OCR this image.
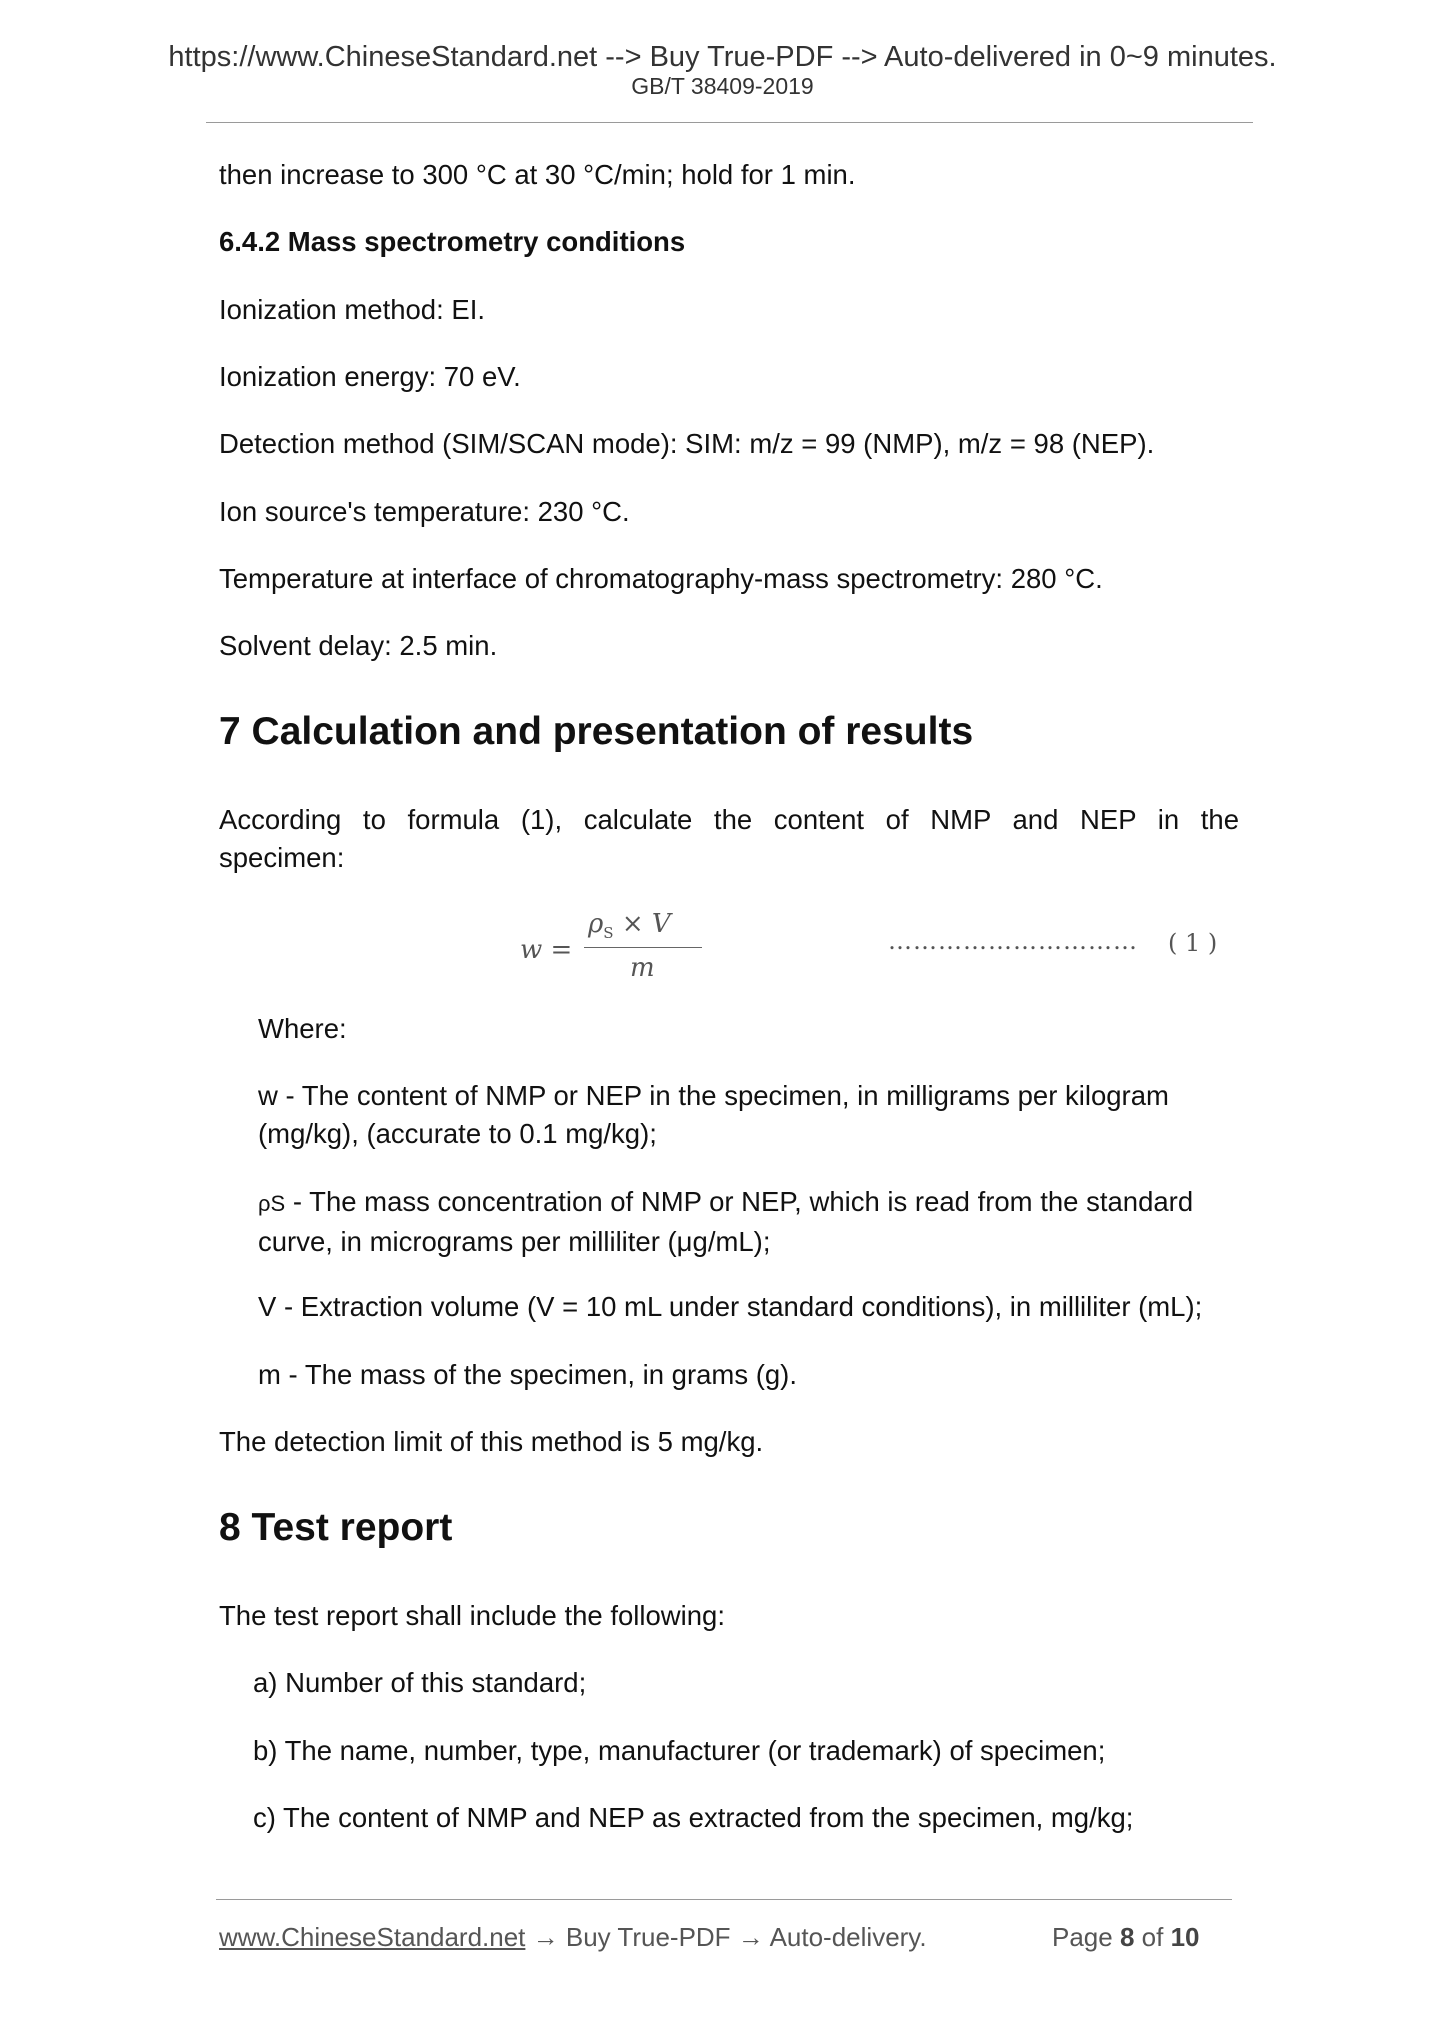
https://www.ChineseStandard.net --> Buy True-PDF --> Auto-delivered in 0~9 minutes.
GB/T 38409-2019
then increase to 300 °C at 30 °C/min; hold for 1 min.
6.4.2 Mass spectrometry conditions
Ionization method: EI.
Ionization energy: 70 eV.
Detection method (SIM/SCAN mode): SIM: m/z = 99 (NMP), m/z = 98 (NEP).
Ion source's temperature: 230 °C.
Temperature at interface of chromatography-mass spectrometry: 280 °C.
Solvent delay: 2.5 min.
7 Calculation and presentation of results
According to formula (1), calculate the content of NMP and NEP in the
specimen:
w =
$\rho_S \times V$
m
………………………… ( 1 )
Where:
w - The content of NMP or NEP in the specimen, in milligrams per kilogram (mg/kg), (accurate to 0.1 mg/kg);
ρS - The mass concentration of NMP or NEP, which is read from the standard curve, in micrograms per milliliter (μg/mL);
V - Extraction volume (V = 10 mL under standard conditions), in milliliter (mL);
m - The mass of the specimen, in grams (g).
The detection limit of this method is 5 mg/kg.
8 Test report
The test report shall include the following:
a) Number of this standard;
b) The name, number, type, manufacturer (or trademark) of specimen;
c) The content of NMP and NEP as extracted from the specimen, mg/kg;
www.ChineseStandard.net → Buy True-PDF → Auto-delivery.	Page 8 of 10
